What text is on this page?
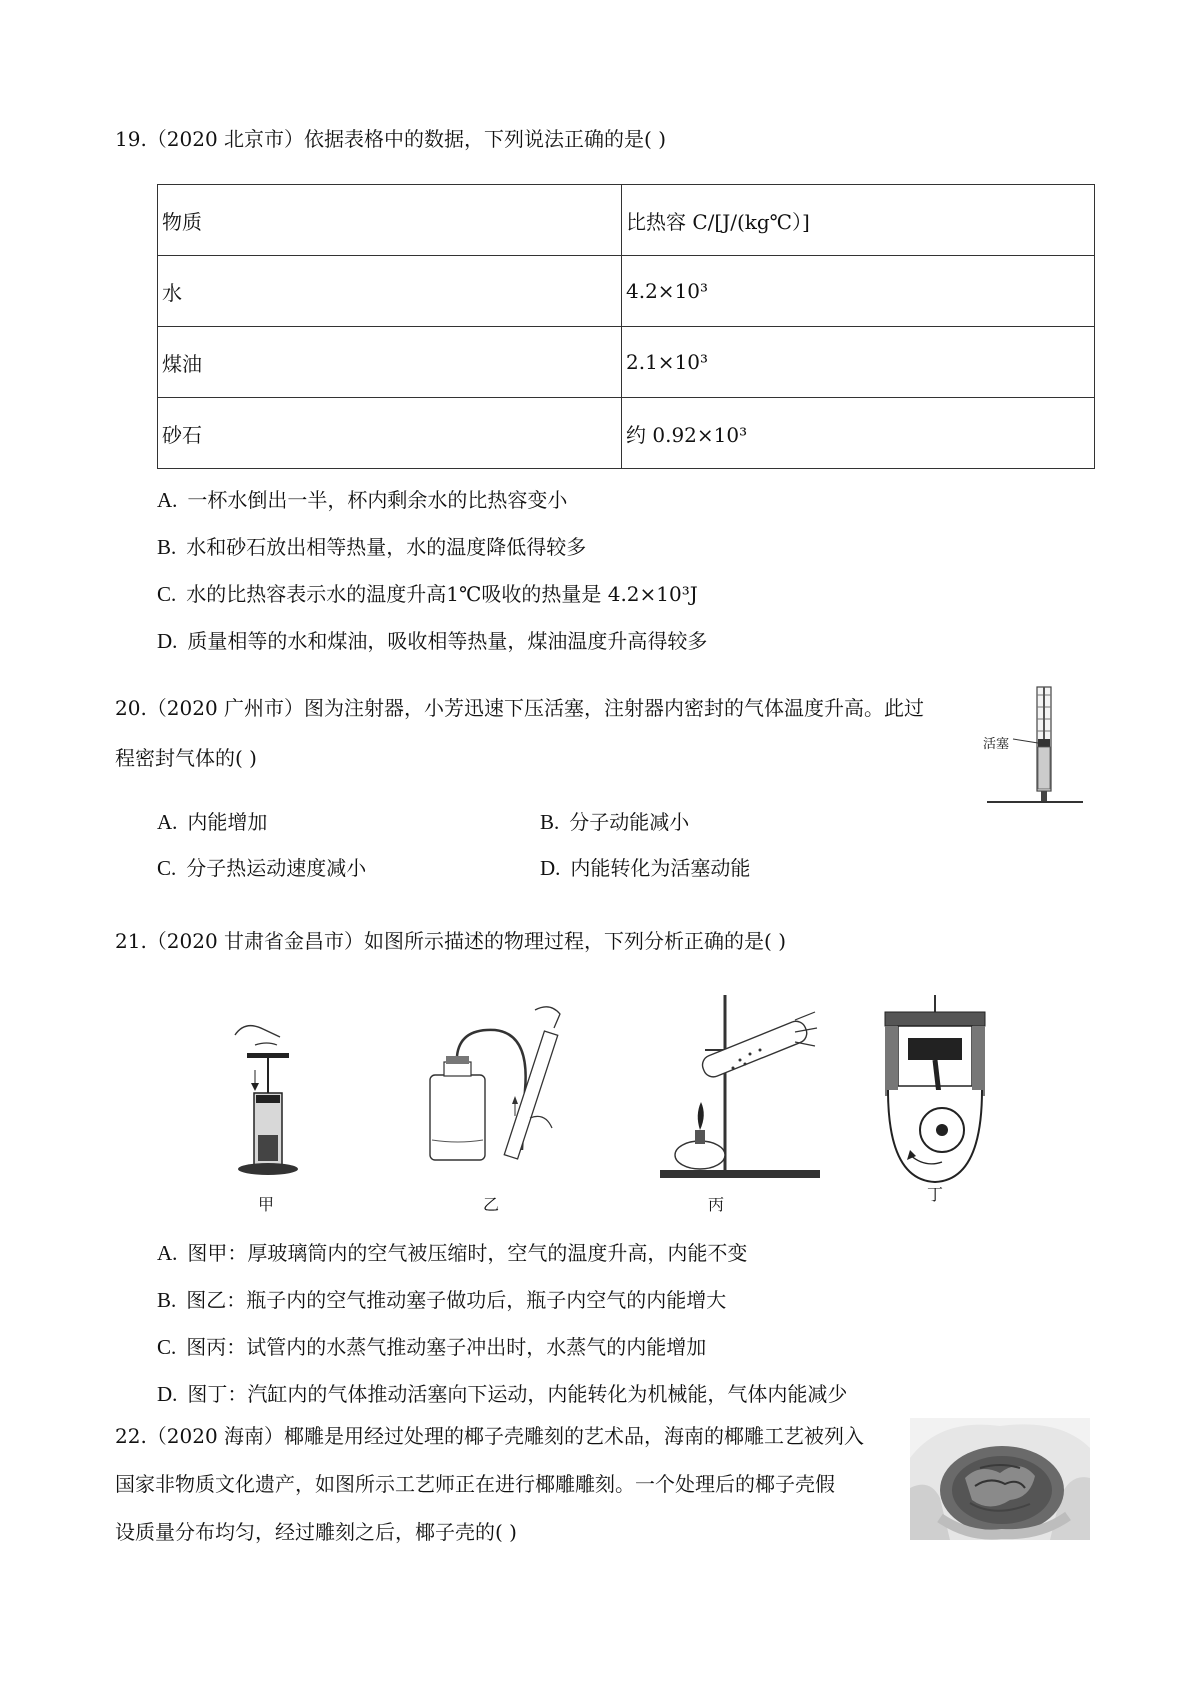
19.（2020 北京市）依据表格中的数据，下列说法正确的是( )
物质	比热容 C/[J/(kg℃）]
水	4.2×10³
煤油	2.1×10³
砂石	约 0.92×10³
A. 一杯水倒出一半，杯内剩余水的比热容变小
B. 水和砂石放出相等热量，水的温度降低得较多
C. 水的比热容表示水的温度升高1℃吸收的热量是 4.2×10³J
D. 质量相等的水和煤油，吸收相等热量，煤油温度升高得较多
20.（2020 广州市）图为注射器，小芳迅速下压活塞，注射器内密封的气体温度升高。此过
程密封气体的( )
活塞
A. 内能增加	B. 分子动能减小
C. 分子热运动速度减小	D. 内能转化为活塞动能
21.（2020 甘肃省金昌市）如图所示描述的物理过程，下列分析正确的是( )
甲	乙	丙
丁
A. 图甲：厚玻璃筒内的空气被压缩时，空气的温度升高，内能不变
B. 图乙：瓶子内的空气推动塞子做功后，瓶子内空气的内能增大
C. 图丙：试管内的水蒸气推动塞子冲出时，水蒸气的内能增加
D. 图丁：汽缸内的气体推动活塞向下运动，内能转化为机械能，气体内能减少
22.（2020 海南）椰雕是用经过处理的椰子壳雕刻的艺术品，海南的椰雕工艺被列入
国家非物质文化遗产，如图所示工艺师正在进行椰雕雕刻。一个处理后的椰子壳假
设质量分布均匀，经过雕刻之后，椰子壳的( )
